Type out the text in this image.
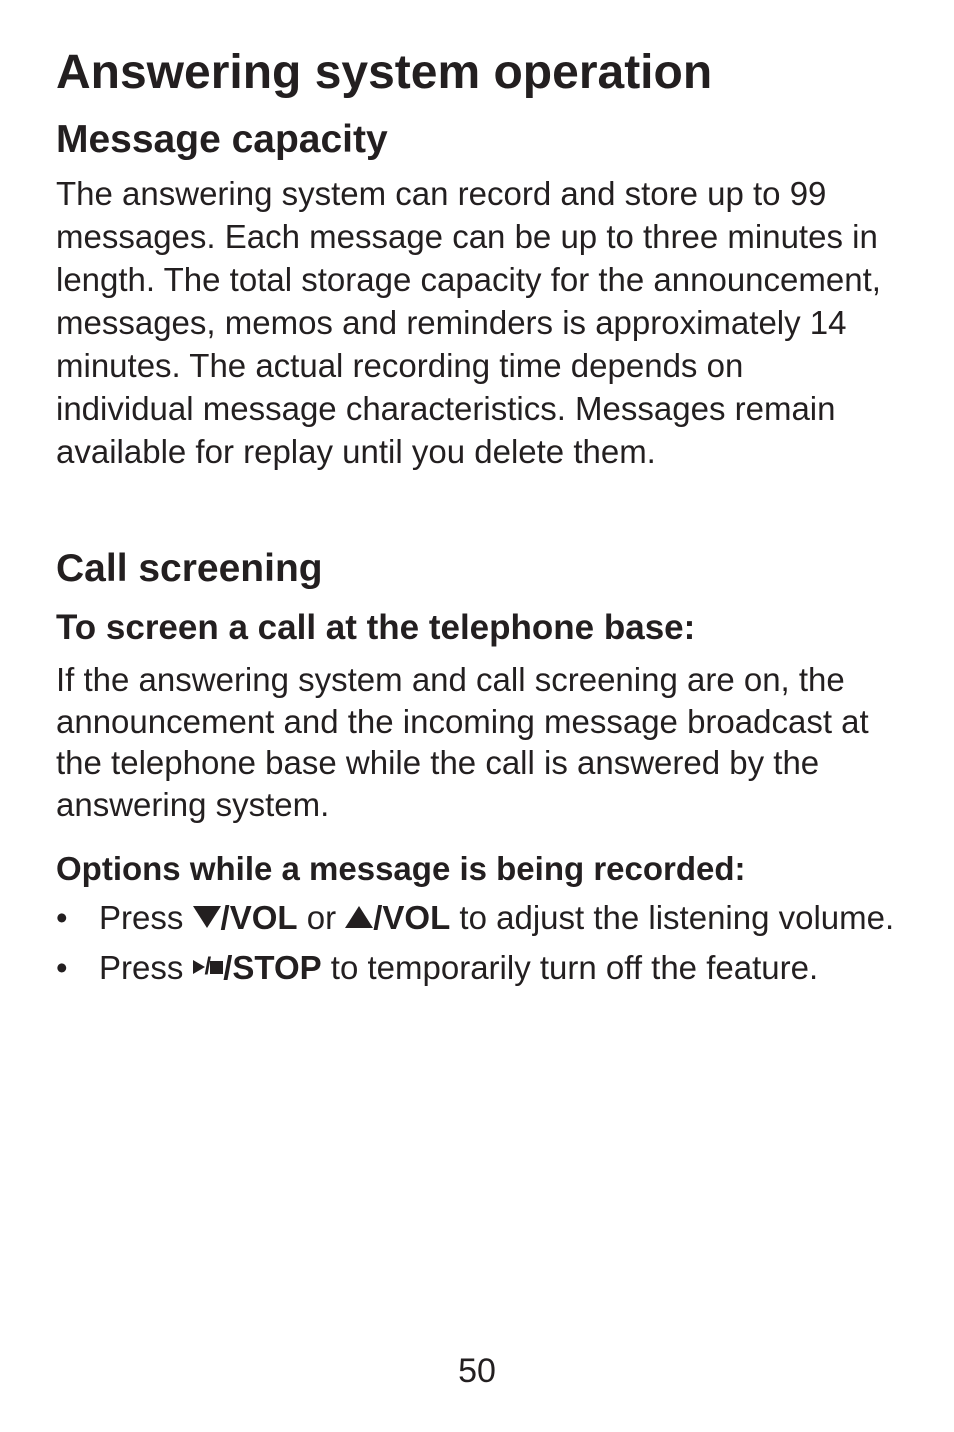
Answering system operation
Message capacity

The answering system can record and store up to 99 messages. Each message can be up to three minutes in length. The total storage capacity for the announcement, messages, memos and reminders is approximately 14 minutes. The actual recording time depends on individual message characteristics. Messages remain available for replay until you delete them.

Call screening
To screen a call at the telephone base:

If the answering system and call screening are on, the announcement and the incoming message broadcast at the telephone base while the call is answered by the answering system.

Options while a message is being recorded:
• Press /VOL or /VOL to adjust the listening volume.
• Press / /STOP to temporarily turn off the feature.
50
